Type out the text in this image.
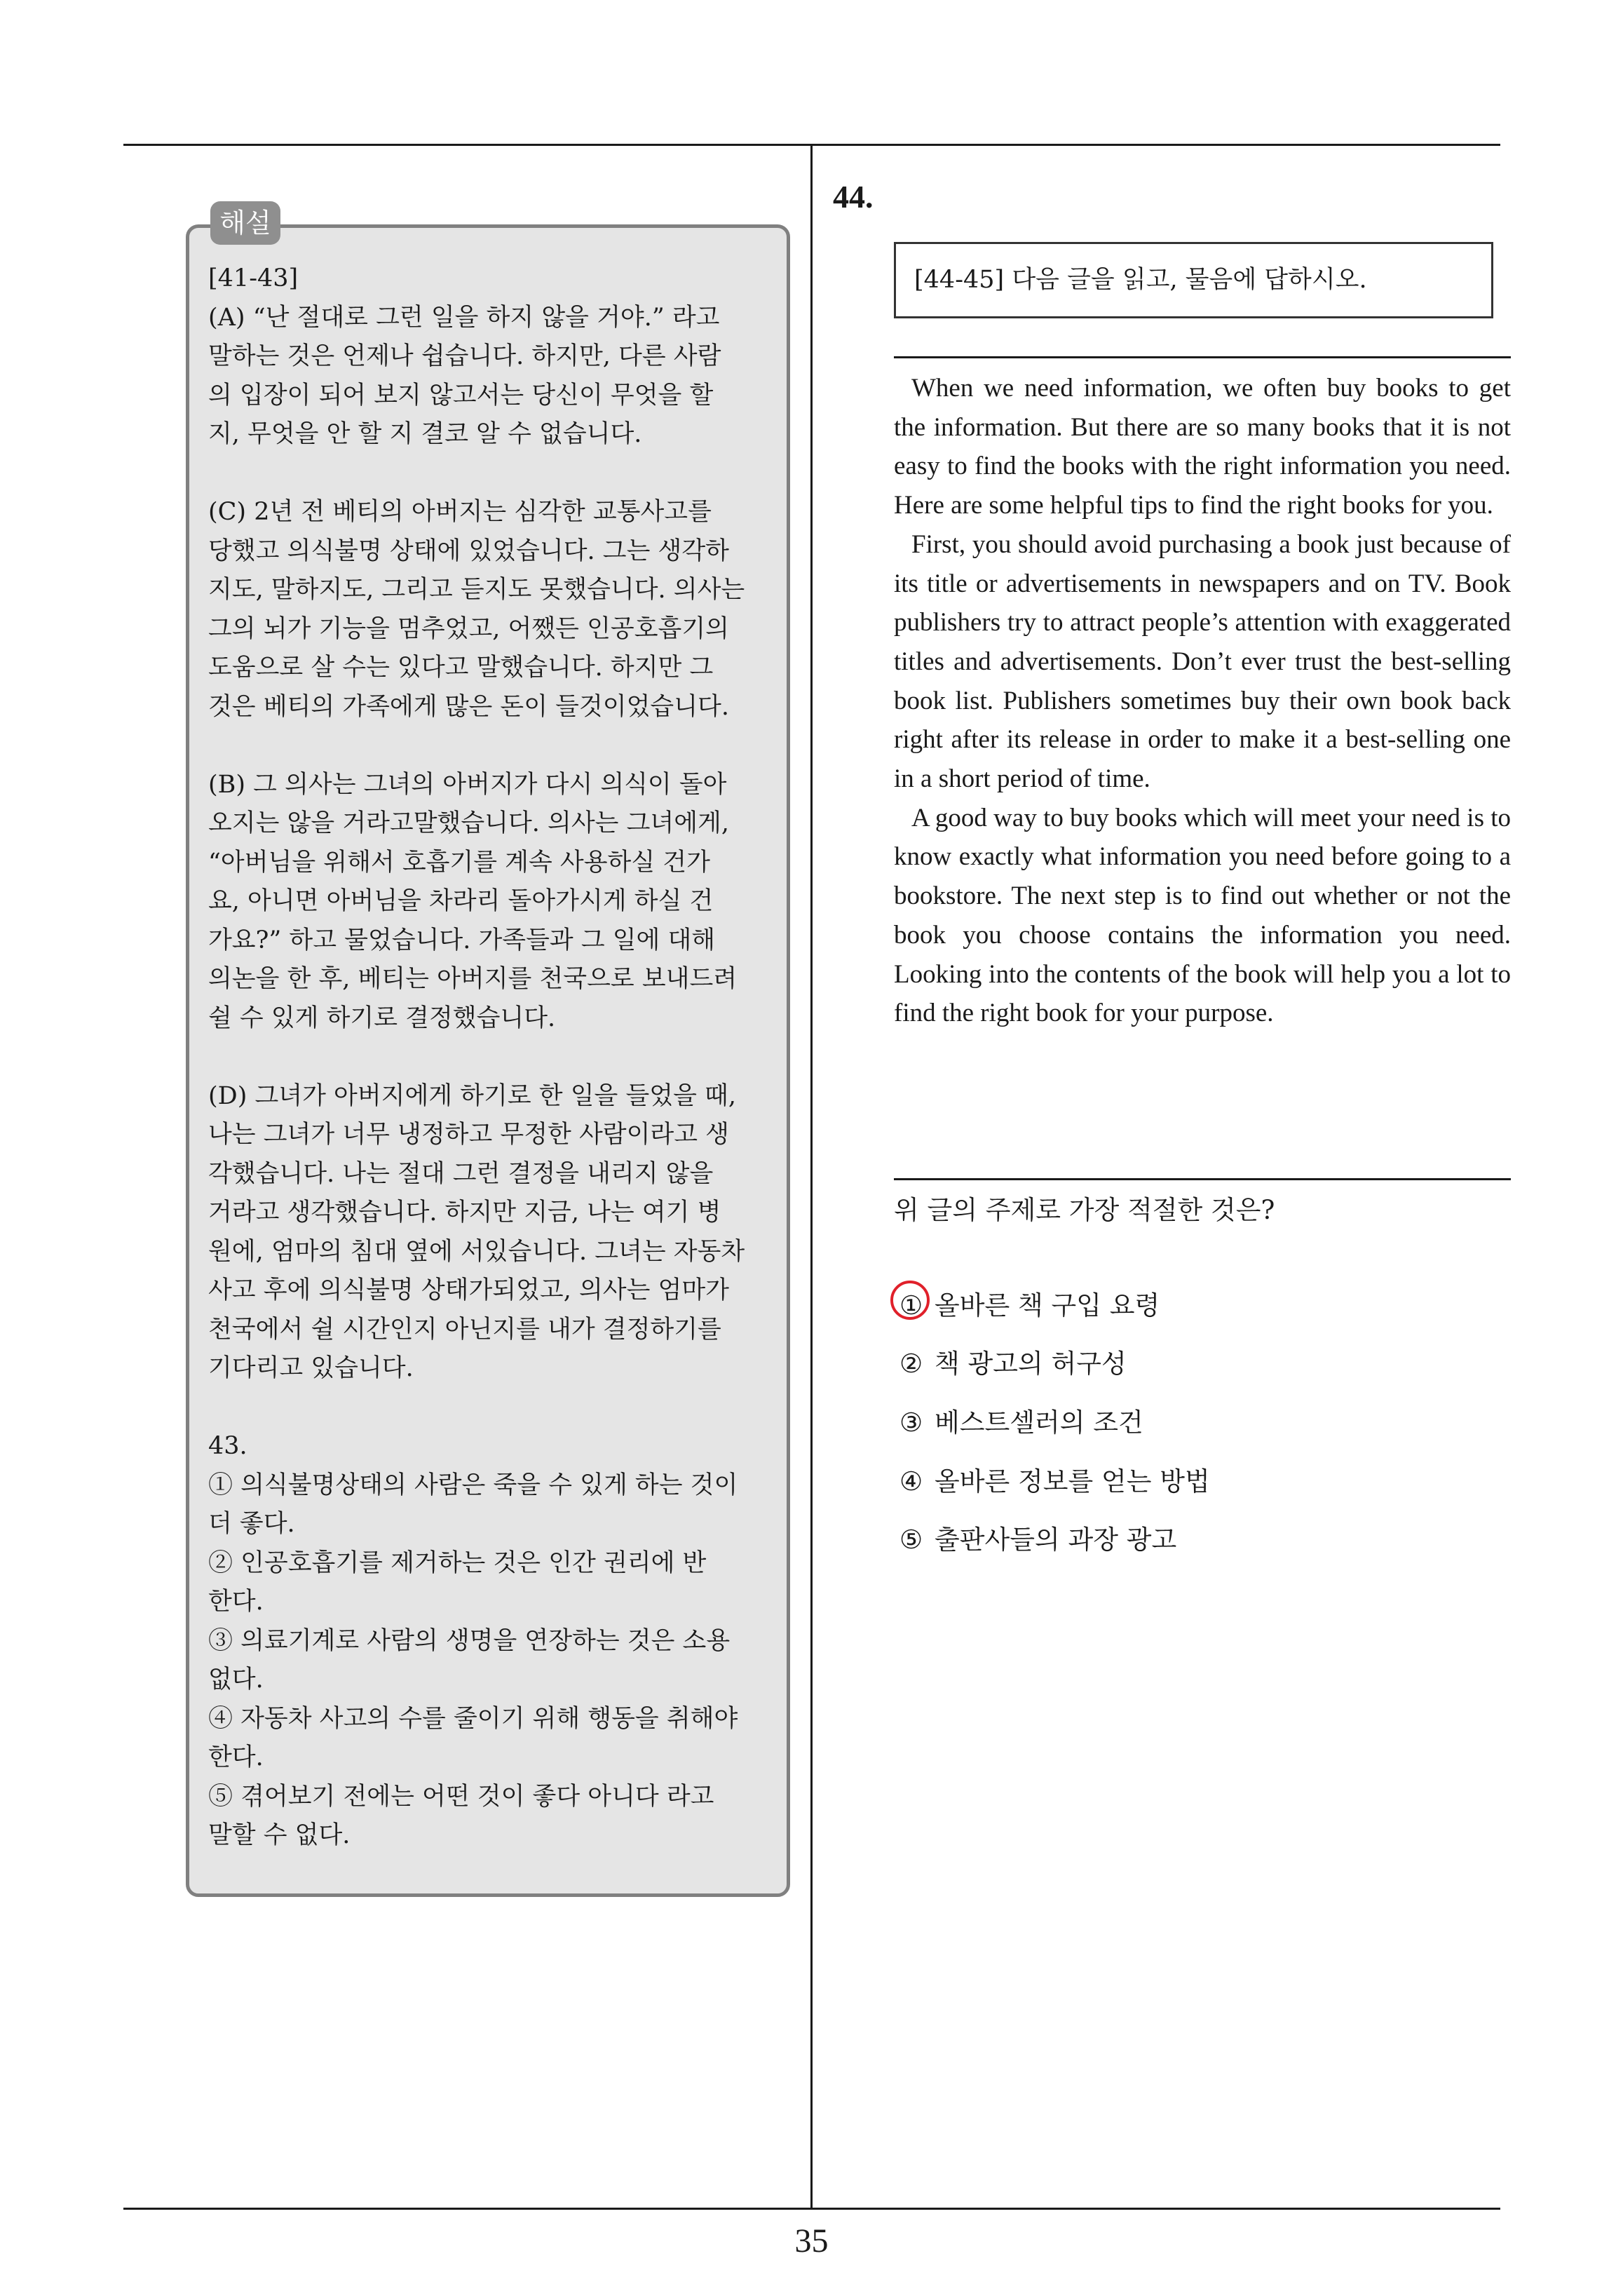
해설

[41-43]

(A) “난 절대로 그런 일을 하지 않을 거야.” 라고

말하는 것은 언제나 쉽습니다. 하지만, 다른 사람

의 입장이 되어 보지 않고서는 당신이 무엇을 할

지, 무엇을 안 할 지 결코 알 수 없습니다.

(C) 2년 전 베티의 아버지는 심각한 교통사고를

당했고 의식불명 상태에 있었습니다. 그는 생각하

지도, 말하지도, 그리고 듣지도 못했습니다. 의사는

그의 뇌가 기능을 멈추었고, 어쨌든 인공호흡기의

도움으로 살 수는 있다고 말했습니다. 하지만 그

것은 베티의 가족에게 많은 돈이 들것이었습니다.

(B) 그 의사는 그녀의 아버지가 다시 의식이 돌아

오지는 않을 거라고말했습니다. 의사는 그녀에게,

“아버님을 위해서 호흡기를 계속 사용하실 건가

요, 아니면 아버님을 차라리 돌아가시게 하실 건

가요?” 하고 물었습니다. 가족들과 그 일에 대해

의논을 한 후, 베티는 아버지를 천국으로 보내드려

쉴 수 있게 하기로 결정했습니다.

(D) 그녀가 아버지에게 하기로 한 일을 들었을 때,

나는 그녀가 너무 냉정하고 무정한 사람이라고 생

각했습니다. 나는 절대 그런 결정을 내리지 않을

거라고 생각했습니다. 하지만 지금, 나는 여기 병

원에, 엄마의 침대 옆에 서있습니다. 그녀는 자동차

사고 후에 의식불명 상태가되었고, 의사는 엄마가

천국에서 쉴 시간인지 아닌지를 내가 결정하기를

기다리고 있습니다.

43.

① 의식불명상태의 사람은 죽을 수 있게 하는 것이

더 좋다.

② 인공호흡기를 제거하는 것은 인간 권리에 반

한다.

③ 의료기계로 사람의 생명을 연장하는 것은 소용

없다.

④ 자동차 사고의 수를 줄이기 위해 행동을 취해야

한다.

⑤ 겪어보기 전에는 어떤 것이 좋다 아니다 라고

말할 수 없다.

44.
[44-45] 다음 글을 읽고, 물음에 답하시오.

When we need information, we often buy books to get the information. But there are so many books that it is not easy to find the books with the right information you need. Here are some helpful tips to find the right books for you.

First, you should avoid purchasing a book just because of its title or advertisements in newspapers and on TV. Book publishers try to attract people’s attention with exaggerated titles and advertisements. Don’t ever trust the best-selling book list. Publishers sometimes buy their own book back right after its release in order to make it a best-selling one in a short period of time.

A good way to buy books which will meet your need is to know exactly what information you need before going to a bookstore. The next step is to find out whether or not the book you choose contains the information you need. Looking into the contents of the book will help you a lot to find the right book for your purpose.

위 글의 주제로 가장 적절한 것은?
① 올바른 책 구입 요령
② 책 광고의 허구성
③ 베스트셀러의 조건
④ 올바른 정보를 얻는 방법
⑤ 출판사들의 과장 광고
35
